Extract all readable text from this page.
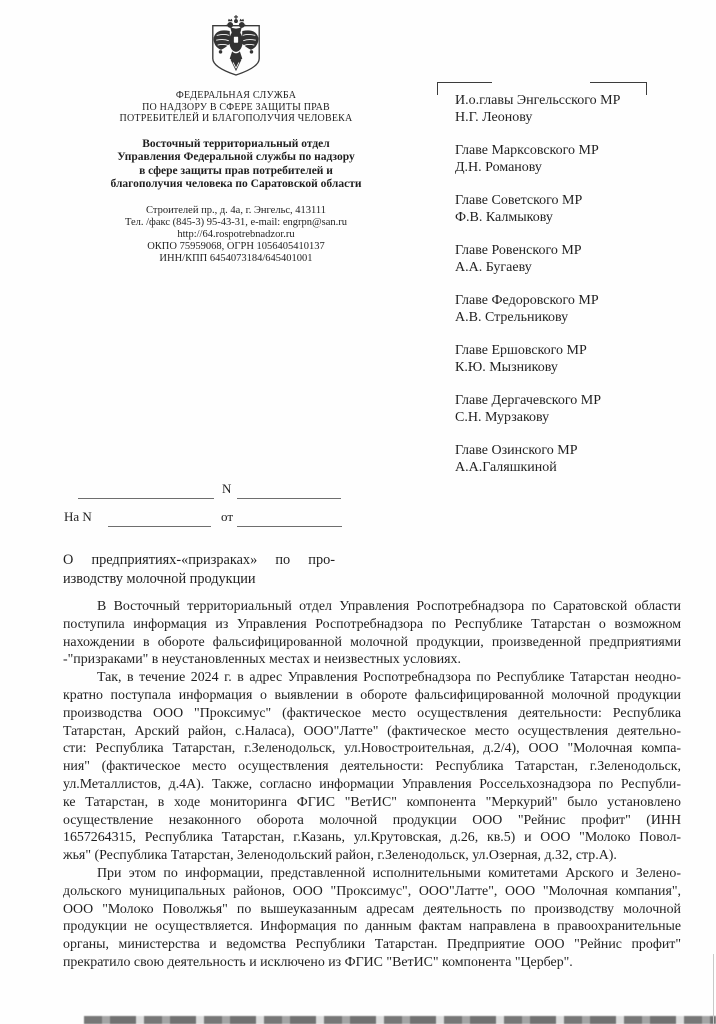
ФЕДЕРАЛЬНАЯ СЛУЖБА
ПО НАДЗОРУ В СФЕРЕ ЗАЩИТЫ ПРАВ
ПОТРЕБИТЕЛЕЙ И БЛАГОПОЛУЧИЯ ЧЕЛОВЕКА
Восточный территориальный отдел
Управления Федеральной службы по надзору
в сфере защиты прав потребителей и
благополучия человека по Саратовской области
Строителей пр., д. 4а, г. Энгельс, 413111
Тел. /факс (845-3) 95-43-31, e-mail: engrpn@san.ru
http://64.rospotrebnadzor.ru
ОКПО 75959068, ОГРН 1056405410137
ИНН/КПП 6454073184/645401001
И.о.главы Энгельсского МР
Н.Г. Леонову
Главе Марксовского МР
Д.Н. Романову
Главе Советского МР
Ф.В. Калмыкову
Главе Ровенского МР
А.А. Бугаеву
Главе Федоровского МР
А.В. Стрельникову
Главе Ершовского МР
К.Ю. Мызникову
Главе Дергачевского МР
С.Н. Мурзакову
Главе Озинского МР
А.А.Галяшкиной
N
На N	от
О предприятиях-«призраках» по про-
изводству молочной продукции
В Восточный территориальный отдел Управления Роспотребнадзора по Саратовской области
поступила информация из Управления Роспотребнадзора по Республике Татарстан о возможном
нахождении в обороте фальсифицированной молочной продукции, произведенной предприятиями
-"призраками" в неустановленных местах и неизвестных условиях.
Так, в течение 2024 г. в адрес Управления Роспотребнадзора по Республике Татарстан неодно-
кратно поступала информация о выявлении в обороте фальсифицированной молочной продукции
производства ООО "Проксимус" (фактическое место осуществления деятельности: Республика
Татарстан, Арский район, с.Наласа), ООО"Латте" (фактическое место осуществления деятельно-
сти: Республика Татарстан, г.Зеленодольск, ул.Новостроительная, д.2/4), ООО "Молочная компа-
ния" (фактическое место осуществления деятельности: Республика Татарстан, г.Зеленодольск,
ул.Металлистов, д.4А). Также, согласно информации Управления Россельхознадзора по Республи-
ке Татарстан, в ходе мониторинга ФГИС "ВетИС" компонента "Меркурий" было установлено
осуществление незаконного оборота молочной продукции ООО "Рейнис профит" (ИНН
1657264315, Республика Татарстан, г.Казань, ул.Крутовская, д.26, кв.5) и ООО "Молоко Повол-
жья" (Республика Татарстан, Зеленодольский район, г.Зеленодольск, ул.Озерная, д.32, стр.А).
При этом по информации, представленной исполнительными комитетами Арского и Зелено-
дольского муниципальных районов, ООО "Проксимус", ООО"Латте", ООО "Молочная компания",
ООО "Молоко Поволжья" по вышеуказанным адресам деятельность по производству молочной
продукции не осуществляется. Информация по данным фактам направлена в правоохранительные
органы, министерства и ведомства Республики Татарстан. Предприятие ООО "Рейнис профит"
прекратило свою деятельность и исключено из ФГИС "ВетИС" компонента "Цербер".
